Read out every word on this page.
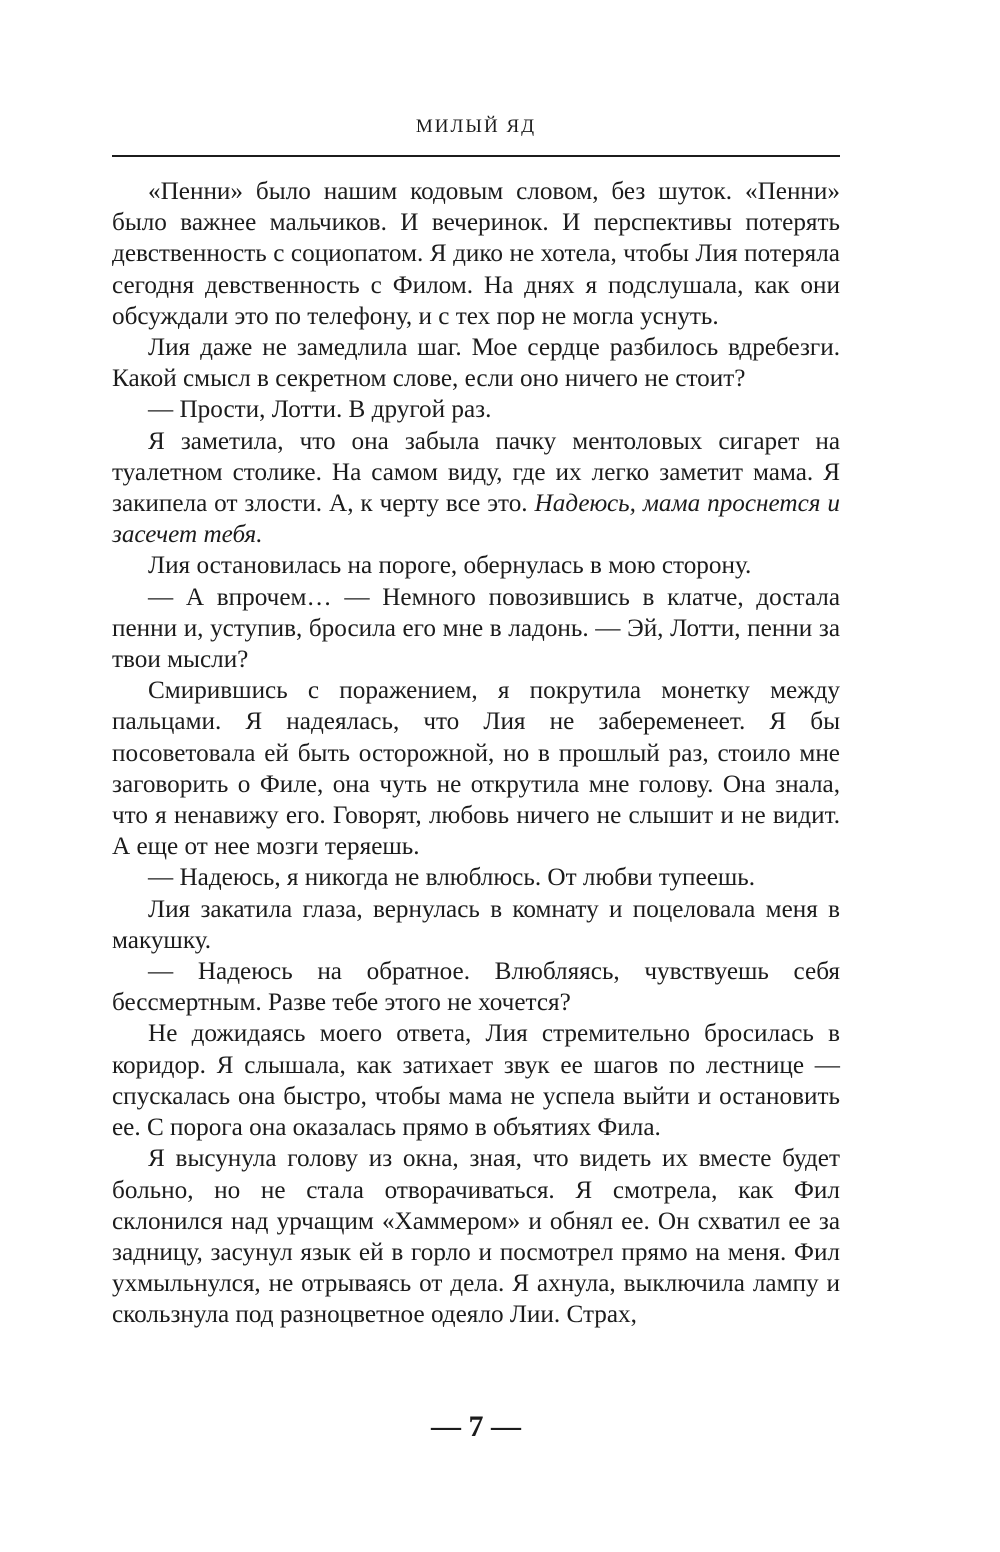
МИЛЫЙ ЯД

«Пенни» было нашим кодовым словом, без шуток. «Пенни» было важнее мальчиков. И вечеринок. И перспективы потерять девственность с социопатом. Я дико не хотела, чтобы Лия потеряла сегодня девственность с Филом. На днях я подслушала, как они обсуждали это по телефону, и с тех пор не могла уснуть.

Лия даже не замедлила шаг. Мое сердце разбилось вдребезги. Какой смысл в секретном слове, если оно ничего не стоит?

— Прости, Лотти. В другой раз.

Я заметила, что она забыла пачку ментоловых сигарет на туалетном столике. На самом виду, где их легко заметит мама. Я закипела от злости. А, к черту все это. Надеюсь, мама проснется и засечет тебя.

Лия остановилась на пороге, обернулась в мою сторону.

— А впрочем… — Немного повозившись в клатче, достала пенни и, уступив, бросила его мне в ладонь. — Эй, Лотти, пенни за твои мысли?

Смирившись с поражением, я покрутила монетку между пальцами. Я надеялась, что Лия не забеременеет. Я бы посоветовала ей быть осторожной, но в прошлый раз, стоило мне заговорить о Филе, она чуть не открутила мне голову. Она знала, что я ненавижу его. Говорят, любовь ничего не слышит и не видит. А еще от нее мозги теряешь.

— Надеюсь, я никогда не влюблюсь. От любви тупеешь.

Лия закатила глаза, вернулась в комнату и поцеловала меня в макушку.

— Надеюсь на обратное. Влюбляясь, чувствуешь себя бессмертным. Разве тебе этого не хочется?

Не дожидаясь моего ответа, Лия стремительно бросилась в коридор. Я слышала, как затихает звук ее шагов по лестнице — спускалась она быстро, чтобы мама не успела выйти и остановить ее. С порога она оказалась прямо в объятиях Фила.

Я высунула голову из окна, зная, что видеть их вместе будет больно, но не стала отворачиваться. Я смотрела, как Фил склонился над урчащим «Хаммером» и обнял ее. Он схватил ее за задницу, засунул язык ей в горло и посмотрел прямо на меня. Фил ухмыльнулся, не отрываясь от дела. Я ахнула, выключила лампу и скользнула под разноцветное одеяло Лии. Страх,

— 7 —
